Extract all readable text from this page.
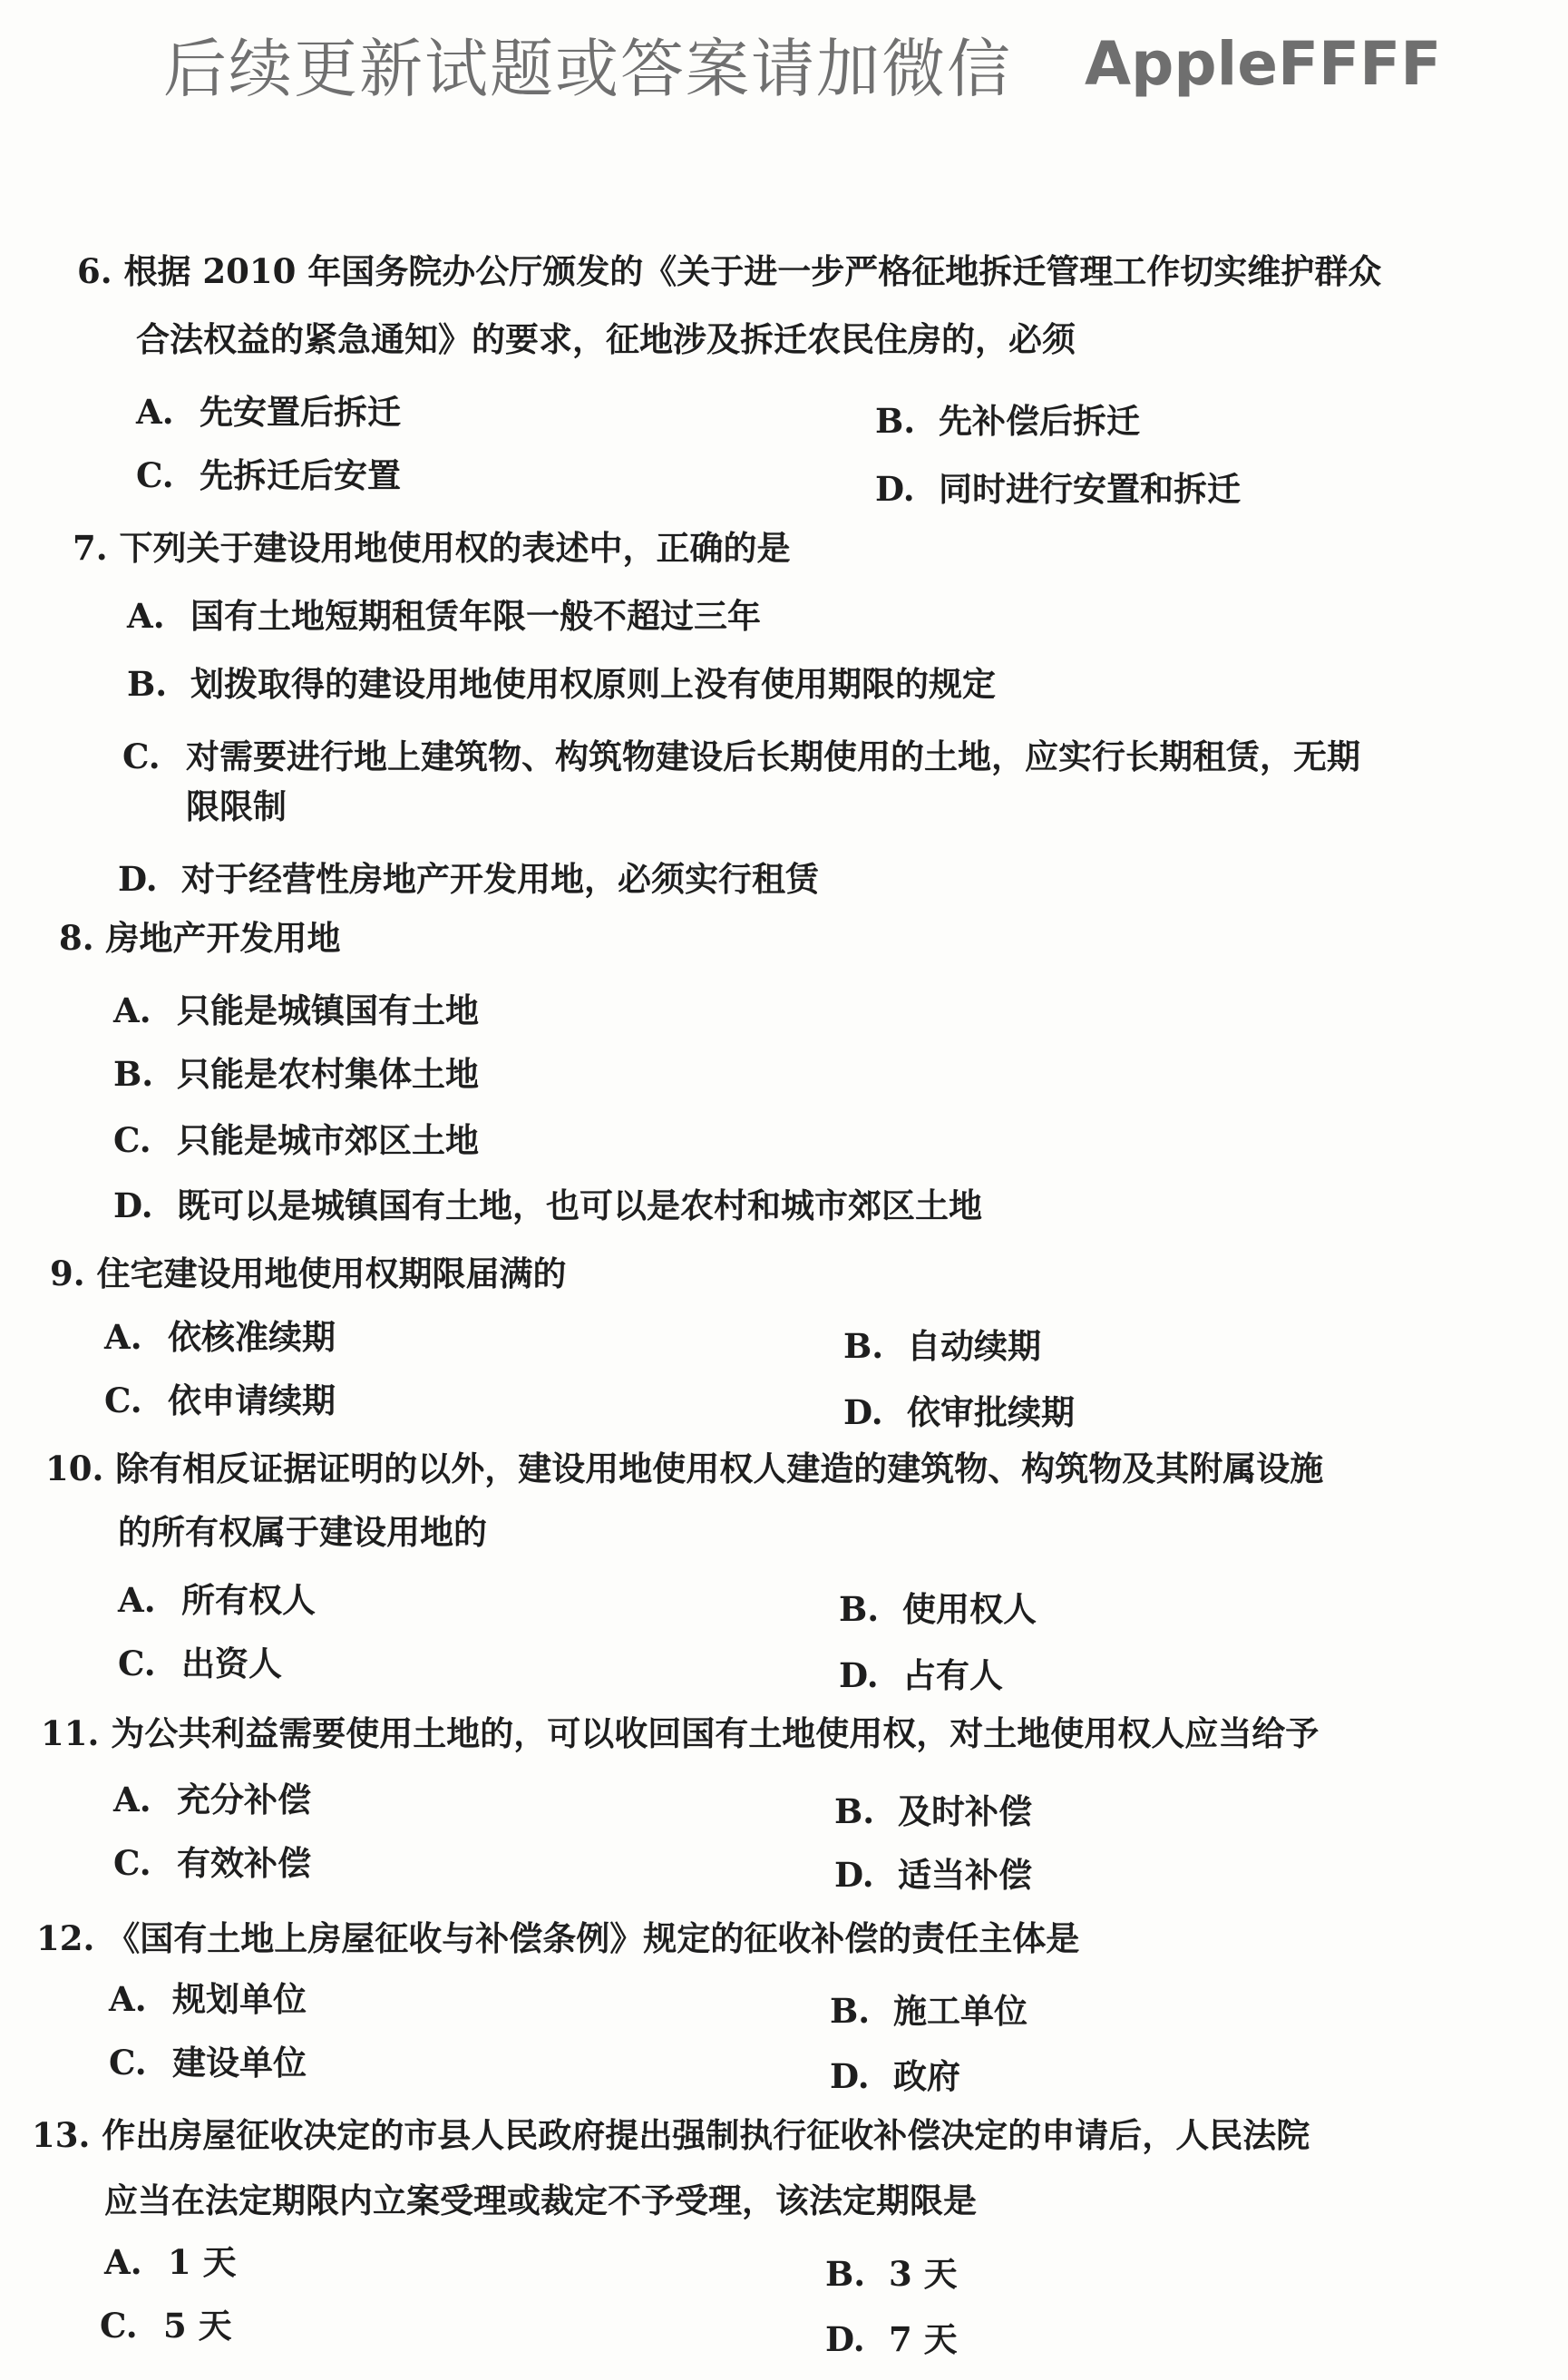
后续更新试题或答案请加微信 AppleFFFF
6. 根据 2010 年国务院办公厅颁发的《关于进一步严格征地拆迁管理工作切实维护群众
合法权益的紧急通知》的要求，征地涉及拆迁农民住房的，必须
A. 先安置后拆迁	B. 先补偿后拆迁
C. 先拆迁后安置	D. 同时进行安置和拆迁
7. 下列关于建设用地使用权的表述中，正确的是
A. 国有土地短期租赁年限一般不超过三年
B. 划拨取得的建设用地使用权原则上没有使用期限的规定
C. 对需要进行地上建筑物、构筑物建设后长期使用的土地，应实行长期租赁，无期
限限制
D. 对于经营性房地产开发用地，必须实行租赁
8. 房地产开发用地
A. 只能是城镇国有土地
B. 只能是农村集体土地
C. 只能是城市郊区土地
D. 既可以是城镇国有土地，也可以是农村和城市郊区土地
9. 住宅建设用地使用权期限届满的
A. 依核准续期	B. 自动续期
C. 依申请续期	D. 依审批续期
10. 除有相反证据证明的以外，建设用地使用权人建造的建筑物、构筑物及其附属设施
的所有权属于建设用地的
A. 所有权人	B. 使用权人
C. 出资人	D. 占有人
11. 为公共利益需要使用土地的，可以收回国有土地使用权，对土地使用权人应当给予
A. 充分补偿	B. 及时补偿
C. 有效补偿	D. 适当补偿
12. 《国有土地上房屋征收与补偿条例》规定的征收补偿的责任主体是
A. 规划单位	B. 施工单位
C. 建设单位	D. 政府
13. 作出房屋征收决定的市县人民政府提出强制执行征收补偿决定的申请后，人民法院
应当在法定期限内立案受理或裁定不予受理，该法定期限是
A. 1 天	B. 3 天
C. 5 天	D. 7 天
